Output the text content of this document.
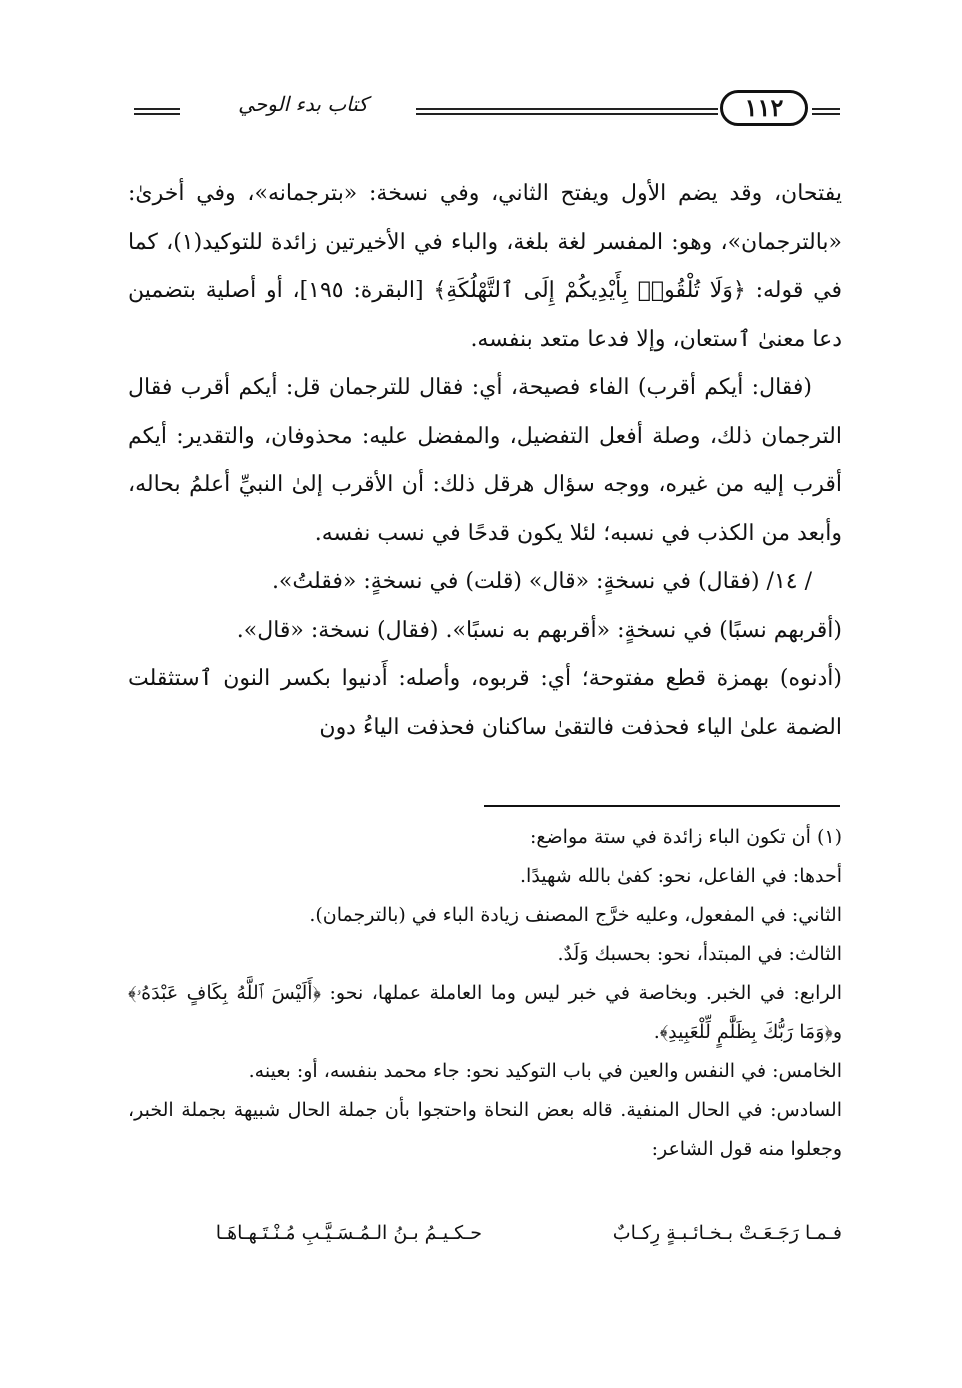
كتاب بدء الوحي	١١٢

يفتحان، وقد يضم الأول ويفتح الثاني، وفي نسخة: «بترجمانه»، وفي أخرىٰ: «بالترجمان»، وهو: المفسر لغة بلغة، والباء في الأخيرتين زائدة للتوكيد(١)، كما في قوله: ﴿وَلَا تُلْقُوا۟ بِأَيْدِيكُمْ إِلَى ٱلتَّهْلُكَةِ﴾ [البقرة: ١٩٥]، أو أصلية بتضمين دعا معنىٰ ٱستعان، وإلا فدعا متعد بنفسه.

(فقال: أيكم أقرب) الفاء فصيحة، أي: فقال للترجمان قل: أيكم أقرب فقال الترجمان ذلك، وصلة أفعل التفضيل، والمفضل عليه: محذوفان، والتقدير: أيكم أقرب إليه من غيره، ووجه سؤال هرقل ذلك: أن الأقرب إلىٰ النبيِّ أعلمُ بحاله، وأبعد من الكذب في نسبه؛ لئلا يكون قدحًا في نسب نفسه.

/ ١٤/ (فقال) في نسخةٍ: «قال» (قلت) في نسخةٍ: «فقلتُ».

(أقربهم نسبًا) في نسخةٍ: «أقربهم به نسبًا». (فقال) نسخة: «قال».

(أدنوه) بهمزة قطع مفتوحة؛ أي: قربوه، وأصله: أَدنيوا بكسر النون ٱستثقلت الضمة علىٰ الياء فحذفت فالتقىٰ ساكنان فحذفت الياءُ دون

(١) أن تكون الباء زائدة في ستة مواضع:

أحدها: في الفاعل، نحو: كفىٰ بالله شهيدًا.

الثاني: في المفعول، وعليه خرَّج المصنف زيادة الباء في (بالترجمان).

الثالث: في المبتدأ، نحو: بحسبك وَلَدٌ.

الرابع: في الخبر. وبخاصة في خبر ليس وما العاملة عملها، نحو: ﴿أَلَيْسَ ٱللَّهُ بِكَافٍ عَبْدَهُۥ﴾ و﴿وَمَا رَبُّكَ بِظَلَّٰمٍ لِّلْعَبِيدِ﴾.

الخامس: في النفس والعين في باب التوكيد نحو: جاء محمد بنفسه، أو: بعينه.

السادس: في الحال المنفية. قاله بعض النحاة واحتجوا بأن جملة الحال شبيهة بجملة الخبر، وجعلوا منه قول الشاعر:

فـمـا رَجَـعَـتْ بـخـائـبـةٍ رِكـابٌ
حـكـيـمُ بـنُ الـمُـسَـيَّـبِ مُـنْـتَـهـاهَـا
